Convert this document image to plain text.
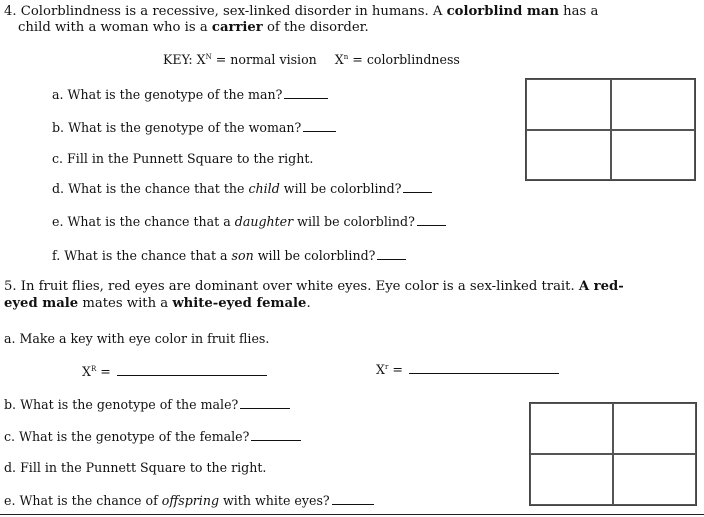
4. Colorblindness is a recessive, sex-linked disorder in humans. A colorblind man has a
child with a woman who is a carrier of the disorder.
KEY: $X^N$ = normal vision $X^n$ = colorblindness
a. What is the genotype of the man?
b. What is the genotype of the woman?
c. Fill in the Punnett Square to the right.
d. What is the chance that the child will be colorblind?
e. What is the chance that a daughter will be colorblind?
f. What is the chance that a son will be colorblind?
5. In fruit flies, red eyes are dominant over white eyes. Eye color is a sex-linked trait. A red-
eyed male mates with a white-eyed female.
a. Make a key with eye color in fruit flies.
$X^R$ =	$X^r$ =
b. What is the genotype of the male?
c. What is the genotype of the female?
d. Fill in the Punnett Square to the right.
e. What is the chance of offspring with white eyes?
